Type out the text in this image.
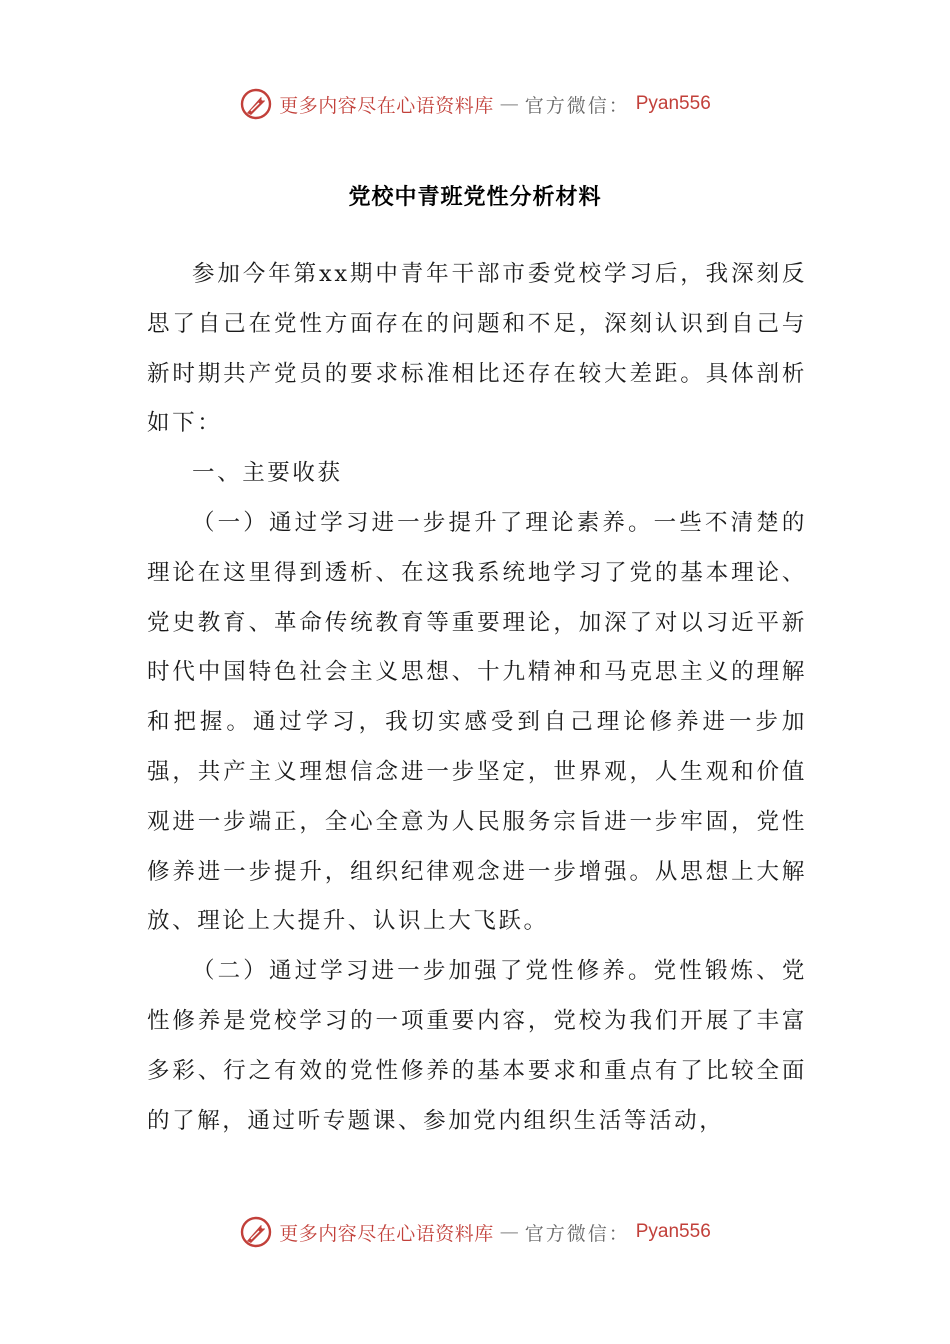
更多内容尽在心语资料库 — 官方微信： Pyan556
党校中青班党性分析材料

参加今年第xx期中青年干部市委党校学习后，我深刻反思了自己在党性方面存在的问题和不足，深刻认识到自己与新时期共产党员的要求标准相比还存在较大差距。具体剖析如下：

一、主要收获

（一）通过学习进一步提升了理论素养。一些不清楚的理论在这里得到透析、在这我系统地学习了党的基本理论、党史教育、革命传统教育等重要理论，加深了对以习近平新时代中国特色社会主义思想、十九精神和马克思主义的理解和把握。通过学习，我切实感受到自己理论修养进一步加强，共产主义理想信念进一步坚定，世界观，人生观和价值观进一步端正，全心全意为人民服务宗旨进一步牢固，党性修养进一步提升，组织纪律观念进一步增强。从思想上大解放、理论上大提升、认识上大飞跃。

（二）通过学习进一步加强了党性修养。党性锻炼、党性修养是党校学习的一项重要内容，党校为我们开展了丰富多彩、行之有效的党性修养的基本要求和重点有了比较全面的了解，通过听专题课、参加党内组织生活等活动，

更多内容尽在心语资料库 — 官方微信： Pyan556
